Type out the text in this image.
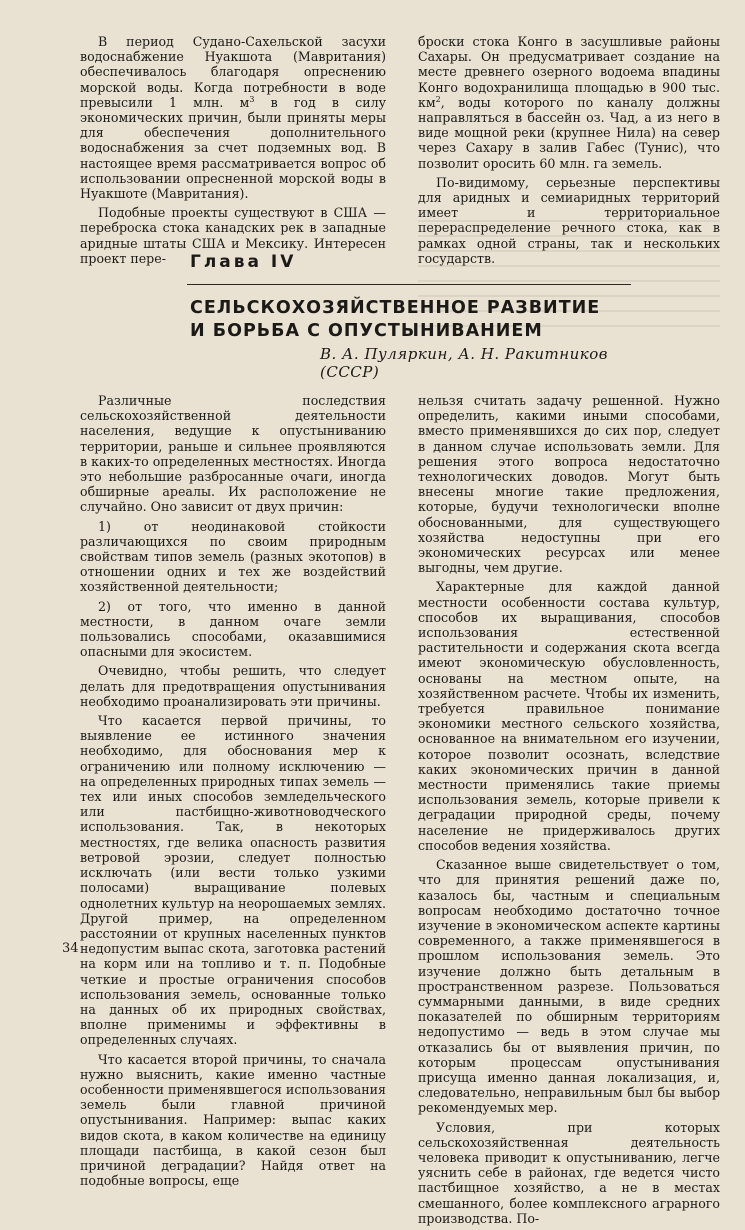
В период Судано-Сахельской засухи водоснабжение Нуакшота (Мавритания) обеспечивалось благодаря опреснению морской воды. Когда потребности в воде превысили 1 млн. $м^3$ в год в силу экономических причин, были приняты меры для обеспечения дополнительного водоснабжения за счет подземных вод. В настоящее время рассматривается вопрос об использовании опресненной морской воды в Нуакшоте (Мавритания).

Подобные проекты существуют в США — переброска стока канадских рек в западные аридные штаты США и Мексику. Интересен проект пере-

броски стока Конго в засушливые районы Сахары. Он предусматривает создание на месте древнего озерного водоема впадины Конго водохранилища площадью в 900 тыс. $км^2$, воды которого по каналу должны направляться в бассейн оз. Чад, а из него в виде мощной реки (крупнее Нила) на север через Сахару в залив Габес (Тунис), что позволит оросить 60 млн. га земель.

По-видимому, серьезные перспективы для аридных и семиаридных территорий имеет и территориальное перераспределение речного стока, как в рамках одной страны, так и нескольких государств.

Глава IV
СЕЛЬСКОХОЗЯЙСТВЕННОЕ РАЗВИТИЕ
И БОРЬБА С ОПУСТЫНИВАНИЕМ
В. А. Пуляркин, А. Н. Ракитников (СССР)

Различные последствия сельскохозяйственной деятельности населения, ведущие к опустыниванию территории, раньше и сильнее проявляются в каких-то определенных местностях. Иногда это небольшие разбросанные очаги, иногда обширные ареалы. Их расположение не случайно. Оно зависит от двух причин:

1) от неодинаковой стойкости различающихся по своим природным свойствам типов земель (разных экотопов) в отношении одних и тех же воздействий хозяйственной деятельности;

2) от того, что именно в данной местности, в данном очаге земли пользовались способами, оказавшимися опасными для экосистем.

Очевидно, чтобы решить, что следует делать для предотвращения опустынивания необходимо проанализировать эти причины.

Что касается первой причины, то выявление ее истинного значения необходимо, для обоснования мер к ограничению или полному исключению — на определенных природных типах земель — тех или иных способов земледельческого или пастбищно-животноводческого использования. Так, в некоторых местностях, где велика опасность развития ветровой эрозии, следует полностью исключать (или вести только узкими полосами) выращивание полевых однолетних культур на неорошаемых землях. Другой пример, на определенном расстоянии от крупных населенных пунктов недопустим выпас скота, заготовка растений на корм или на топливо и т. п. Подобные четкие и простые ограничения способов использования земель, основанные только на данных об их природных свойствах, вполне применимы и эффективны в определенных случаях.

Что касается второй причины, то сначала нужно выяснить, какие именно частные особенности применявшегося использования земель были главной причиной опустынивания. Например: выпас каких видов скота, в каком количестве на единицу площади пастбища, в какой сезон был причиной деградации? Найдя ответ на подобные вопросы, еще

нельзя считать задачу решенной. Нужно определить, какими иными способами, вместо применявшихся до сих пор, следует в данном случае использовать земли. Для решения этого вопроса недостаточно технологических доводов. Могут быть внесены многие такие предложения, которые, будучи технологически вполне обоснованными, для существующего хозяйства недоступны при его экономических ресурсах или менее выгодны, чем другие.

Характерные для каждой данной местности особенности состава культур, способов их выращивания, способов использования естественной растительности и содержания скота всегда имеют экономическую обусловленность, основаны на местном опыте, на хозяйственном расчете. Чтобы их изменить, требуется правильное понимание экономики местного сельского хозяйства, основанное на внимательном его изучении, которое позволит осознать, вследствие каких экономических причин в данной местности применялись такие приемы использования земель, которые привели к деградации природной среды, почему население не придерживалось других способов ведения хозяйства.

Сказанное выше свидетельствует о том, что для принятия решений даже по, казалось бы, частным и специальным вопросам необходимо достаточно точное изучение в экономическом аспекте картины современного, а также применявшегося в прошлом использования земель. Это изучение должно быть детальным в пространственном разрезе. Пользоваться суммарными данными, в виде средних показателей по обширным территориям недопустимо — ведь в этом случае мы отказались бы от выявления причин, по которым процессам опустынивания присуща именно данная локализация, и, следовательно, неправильным был бы выбор рекомендуемых мер.

Условия, при которых сельскохозяйственная деятельность человека приводит к опустыниванию, легче уяснить себе в районах, где ведется чисто пастбищное хозяйство, а не в местах смешанного, более комплексного аграрного производства. По-

34
